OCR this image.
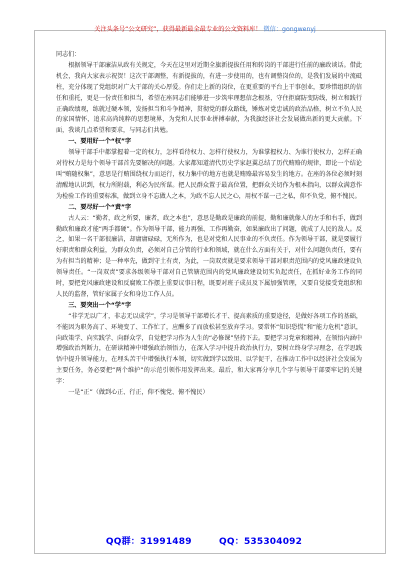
关注头条号“公文研究”，获得最新最全最专业的公文资料库！ 微信：gongwenyj

同志们：

根据领导干部廉洁从政有关规定，今天在这里对近期全旗新提拔任用和转岗的干部进行任前的廉政谈话。借此机会，我向大家表示祝贺！这次干部调整，有新提拔的，有进一步使用的，也有调整岗位的，是我们发展的中流砥柱，充分体现了党组织对广大干部的关心厚爱。你们走上新的岗位，在更重要的平台上干事创业，要珍惜组织的信任和重托，更是一份责任和担当，希望在座同志们能够进一步筑牢理想信念根基，守住拒腐防变防线，树立和践行正确政绩观，练就过硬本领，发扬担当和斗争精神，贯彻党的群众路线，锤炼对党忠诚的政治品格，树立不负人民的家国情怀，追求高尚纯粹的思想境界，为党和人民事业拼搏奉献，为我旗经济社会发展做出新的更大贡献。下面，我谈几点希望和要求，与同志们共勉。

一、要用好一个“权”字

领导干部手中都掌握着一定的权力，怎样看待权力、怎样行使权力，为谁掌握权力、为谁行使权力，怎样正确对待权力是每个领导干部首先要解决的问题。大家都知道清代历史学家赵翼总结了历代贿赂的规律，即论一个结论叫“贿随权集”，意思是行贿围绕权力而运行，权力集中的地方也就是贿赂最容易发生的地方。在座的各位必须时刻清醒地认识到，权力所附载，利必为民所谋。把人民群众置于最高位置，把群众关切作为根本指向，以群众满意作为检验工作的重要标准，做到立身不忘做人之本，为政不忘人民之心，用权不谋一己之私，仰不负党，俯不愧民。

二、要尽好一个“责”字

古人云：“勤者，政之所要，廉者，政之本也”，意思是勤政是廉政的前提，勤和廉就像人的左手和右手，做到勤政和廉政才能“两手都硬”。作为领导干部，能力再强、工作再勤奋，如果廉政出了问题，就成了人民的敌人。反之，如果一名干部很廉洁，却庸庸碌碌，无所作为，也是对党和人民事业的不负责任。作为领导干部，就是要履行好职责和群众利益，为群众负责，必须对自己分管的行业和领域，就在什么方面有关于，对什么问题负责任，要有为有担当的精神；是一种率先，做到守土有责，为此，一岗双责就是要求领导干部对职责范围内的党风廉政建设负领导责任。“一岗双责”要求各级领导干部对自己管辖范围内的党风廉政建设切实负起责任，在抓好业务工作的同时，要把党风廉政建设和反腐败工作摆上重要议事日程，既要对班子成员及下属加强管理，又要自觉接受党组织和人民的监督，管好家属子女和身边工作人员。

三、要突出一个“学”字

“非学无以广才，非志无以成学”，学习是领导干部增长才干、提高素质的重要途径，是做好各项工作的基础，不能因为职务高了、环境变了、工作忙了，应酬多了而放松甚至放弃学习。要常怀“知识恐慌”和“能力危机”意识，向政策学、向实践学、向群众学，自觉把学习作为人生的“必修课”坚持下去。要把学习党章和精神，在领悟内涵中增强政治判断力，在研读精神中增强政治领悟力，在深入学习中提升政治执行力，要树立终身学习理念，在学思践悟中提升领导能力，在埋头苦干中增强执行本领，切实做到学以致用、以学促干，在推动工作中以经济社会发展为主要任务，务必要把“两个维护”的示范引领作用发挥出来。最后，和大家再分享几个字与领导干部要牢记的关键字：

一是“正”（做到心正、行正，仰不愧党、俯不愧民）

QQ群：31991489	QQ：535304092
